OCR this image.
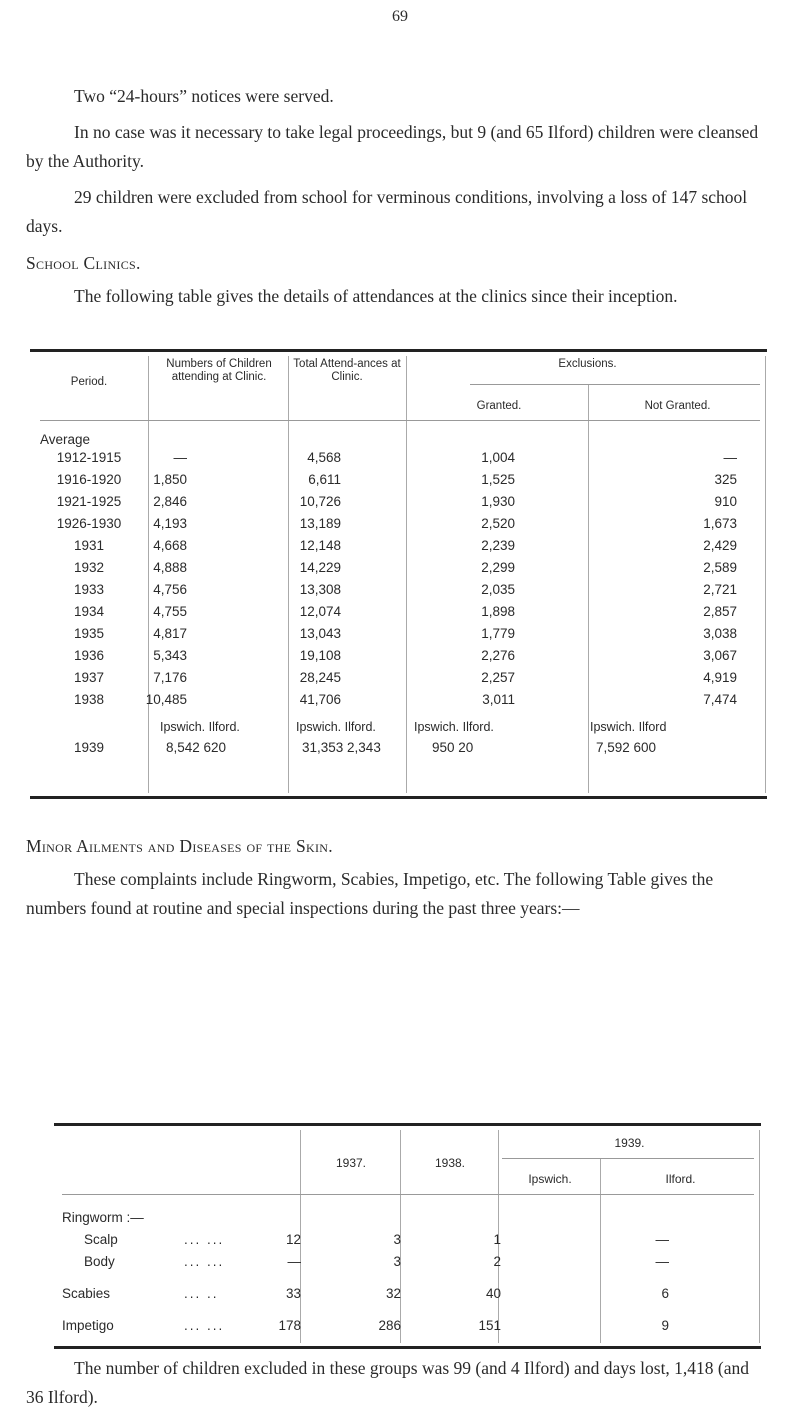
69

Two “24-hours” notices were served.

In no case was it necessary to take legal proceedings, but 9 (and 65 Ilford) children were cleansed by the Authority.

29 children were excluded from school for verminous conditions, involving a loss of 147 school days.

School Clinics.

The following table gives the details of attendances at the clinics since their inception.

Period.
Numbers of Children attending at Clinic.
Total Attend-ances at Clinic.
Exclusions.
Granted.	Not Granted.
Average
1912-1915	—	4,568	1,004	—
1916-1920	1,850	6,611	1,525	325
1921-1925	2,846	10,726	1,930	910
1926-1930	4,193	13,189	2,520	1,673
1931	4,668	12,148	2,239	2,429
1932	4,888	14,229	2,299	2,589
1933	4,756	13,308	2,035	2,721
1934	4,755	12,074	1,898	2,857
1935	4,817	13,043	1,779	3,038
1936	5,343	19,108	2,276	3,067
1937	7,176	28,245	2,257	4,919
1938	10,485	41,706	3,011	7,474
Ipswich. Ilford.	Ipswich. Ilford.	Ipswich. Ilford.	Ipswich. Ilford
1939	8,542 620	31,353 2,343	950 20	7,592 600
Minor Ailments and Diseases of the Skin.

These complaints include Ringworm, Scabies, Impetigo, etc. The following Table gives the numbers found at routine and special inspections during the past three years:—

1937.	1938.
1939.
Ipswich.	Ilford.
Ringworm :—
Scalp	... ...	12	3	1	—
Body	... ...	—	3	2	—
Scabies	... ..	33	32	40	6
Impetigo	... ...	178	286	151	9

The number of children excluded in these groups was 99 (and 4 Ilford) and days lost, 1,418 (and 36 Ilford).
